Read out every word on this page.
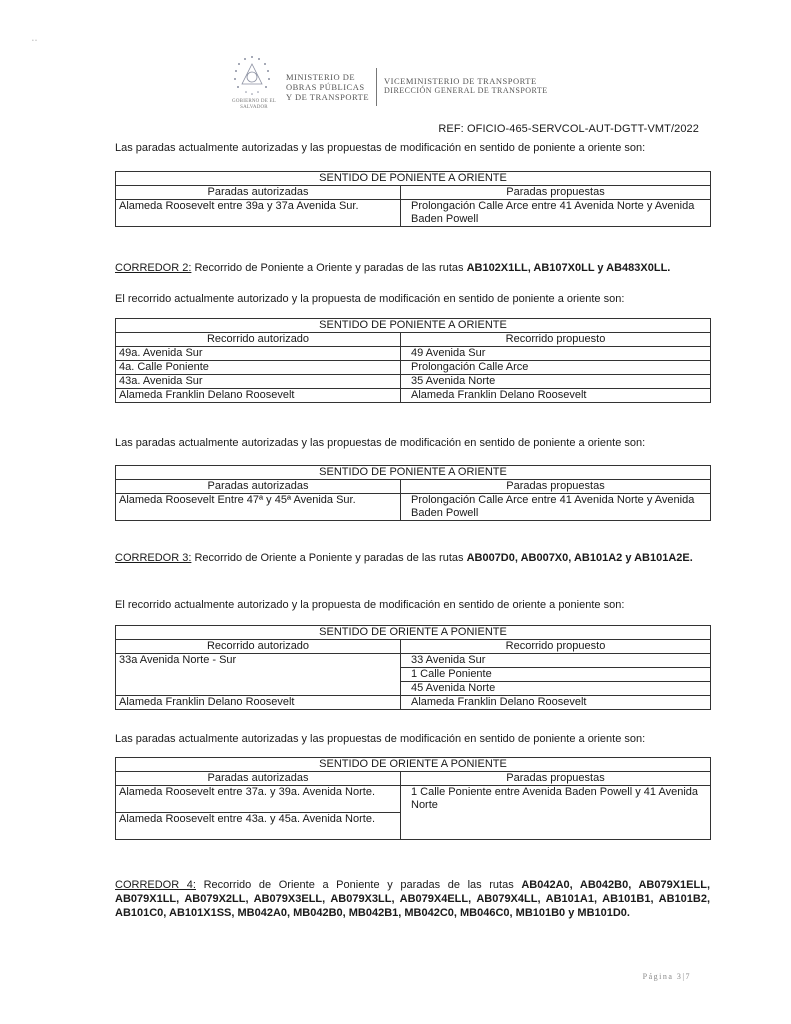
GOBIERNO DE EL SALVADOR
MINISTERIO DE
OBRAS PÚBLICAS
Y DE TRANSPORTE
VICEMINISTERIO DE TRANSPORTE
DIRECCIÓN GENERAL DE TRANSPORTE
• •
REF: OFICIO-465-SERVCOL-AUT-DGTT-VMT/2022
Las paradas actualmente autorizadas y las propuestas de modificación en sentido de poniente a oriente son:
SENTIDO DE PONIENTE A ORIENTE	
Paradas autorizadas	Paradas propuestas
Alameda Roosevelt entre 39a y 37a Avenida Sur.	Prolongación Calle Arce entre 41 Avenida Norte y Avenida Baden Powell
CORREDOR 2: Recorrido de Poniente a Oriente y paradas de las rutas AB102X1LL, AB107X0LL y AB483X0LL.
El recorrido actualmente autorizado y la propuesta de modificación en sentido de poniente a oriente son:
SENTIDO DE PONIENTE A ORIENTE	
Recorrido autorizado	Recorrido propuesto
49a. Avenida Sur	49 Avenida Sur
4a. Calle Poniente	Prolongación Calle Arce
43a. Avenida Sur	35 Avenida Norte
Alameda Franklin Delano Roosevelt	Alameda Franklin Delano Roosevelt
Las paradas actualmente autorizadas y las propuestas de modificación en sentido de poniente a oriente son:
SENTIDO DE PONIENTE A ORIENTE	
Paradas autorizadas	Paradas propuestas
Alameda Roosevelt Entre 47ª y 45ª Avenida Sur.	Prolongación Calle Arce entre 41 Avenida Norte y Avenida Baden Powell
CORREDOR 3: Recorrido de Oriente a Poniente y paradas de las rutas AB007D0, AB007X0, AB101A2 y AB101A2E.
El recorrido actualmente autorizado y la propuesta de modificación en sentido de oriente a poniente son:
SENTIDO DE ORIENTE A PONIENTE	
Recorrido autorizado	Recorrido propuesto
33a Avenida Norte - Sur	33 Avenida Sur
	1 Calle Poniente
	45 Avenida Norte
Alameda Franklin Delano Roosevelt	Alameda Franklin Delano Roosevelt
Las paradas actualmente autorizadas y las propuestas de modificación en sentido de poniente a oriente son:
SENTIDO DE ORIENTE A PONIENTE	
Paradas autorizadas	Paradas propuestas
Alameda Roosevelt entre 37a. y 39a. Avenida Norte.	1 Calle Poniente entre Avenida Baden Powell y 41 Avenida Norte
Alameda Roosevelt entre 43a. y 45a. Avenida Norte.	
CORREDOR 4: Recorrido de Oriente a Poniente y paradas de las rutas AB042A0, AB042B0, AB079X1ELL, AB079X1LL, AB079X2LL, AB079X3ELL, AB079X3LL, AB079X4ELL, AB079X4LL, AB101A1, AB101B1, AB101B2, AB101C0, AB101X1SS, MB042A0, MB042B0, MB042B1, MB042C0, MB046C0, MB101B0 y MB101D0.
Página 3|7
